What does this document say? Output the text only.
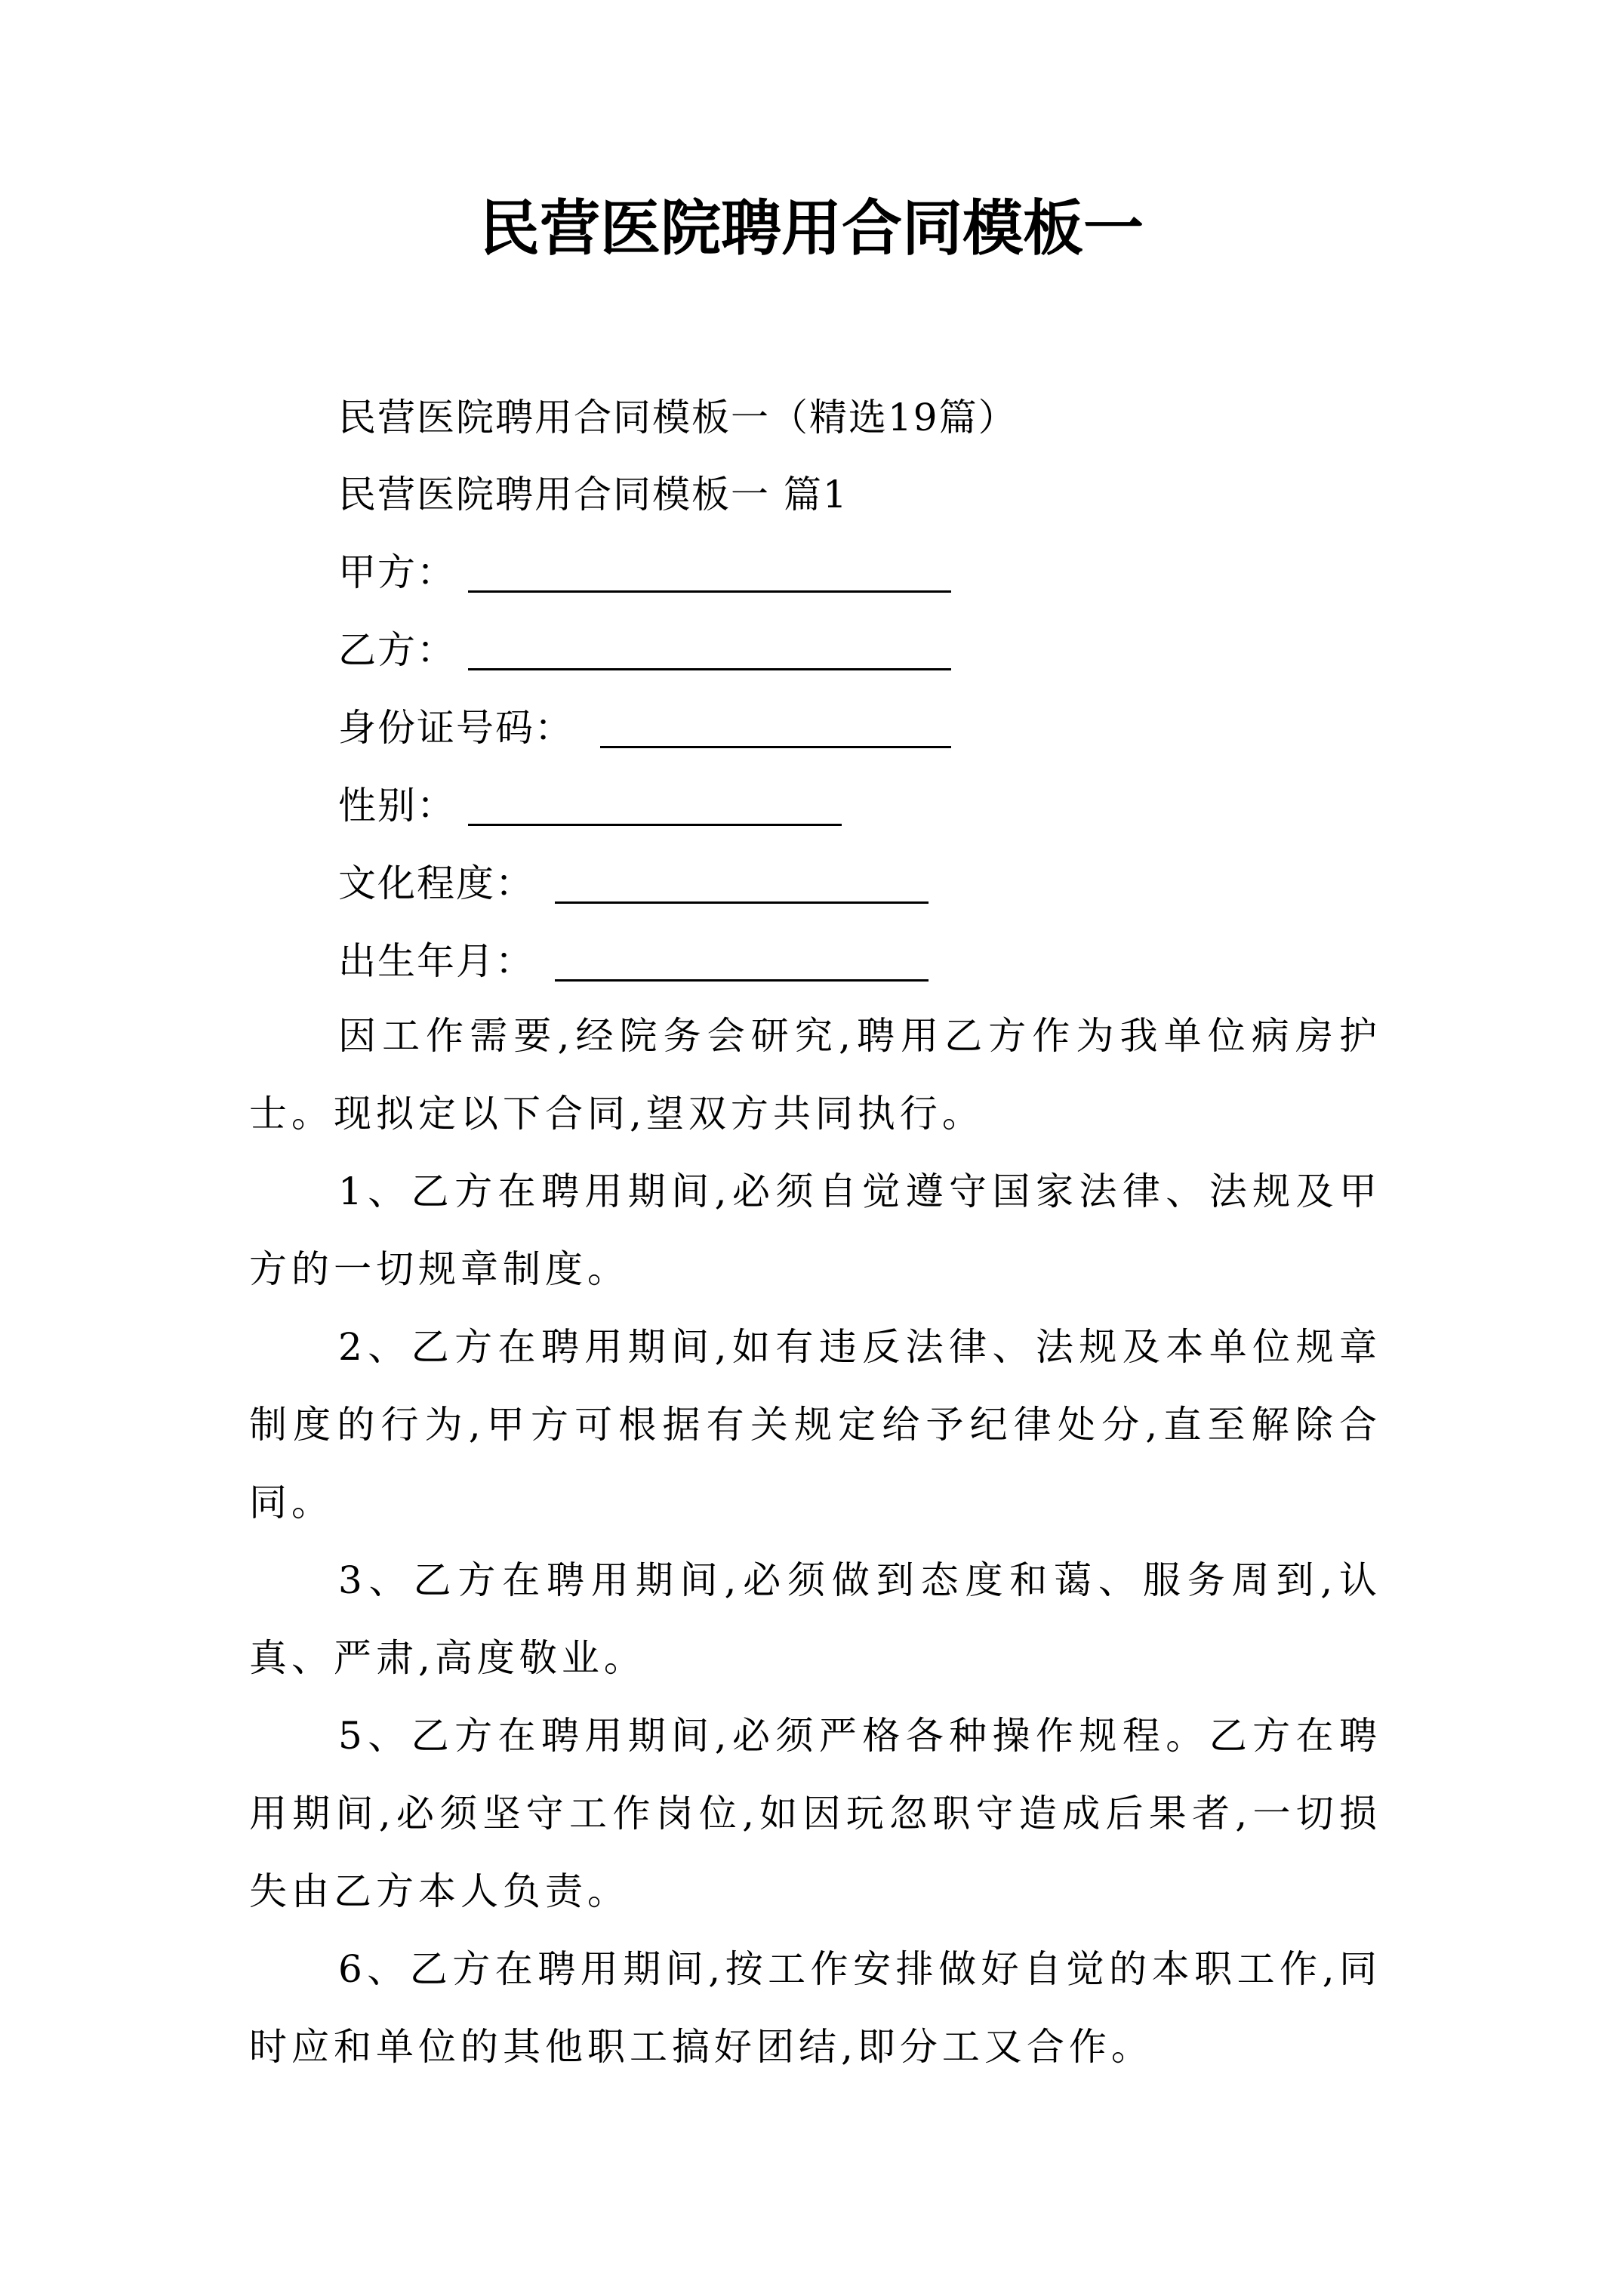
民营医院聘用合同模板一
民营医院聘用合同模板一（精选19篇）
民营医院聘用合同模板一 篇1
甲方：
乙方：
身份证号码：
性别：
文化程度：
出生年月：
因工作需要,经院务会研究,聘用乙方作为我单位病房护士。现拟定以下合同,望双方共同执行。
1、乙方在聘用期间,必须自觉遵守国家法律、法规及甲方的一切规章制度。
2、乙方在聘用期间,如有违反法律、法规及本单位规章制度的行为,甲方可根据有关规定给予纪律处分,直至解除合同。
3、乙方在聘用期间,必须做到态度和蔼、服务周到,认真、严肃,高度敬业。
5、乙方在聘用期间,必须严格各种操作规程。乙方在聘用期间,必须坚守工作岗位,如因玩忽职守造成后果者,一切损失由乙方本人负责。
6、乙方在聘用期间,按工作安排做好自觉的本职工作,同时应和单位的其他职工搞好团结,即分工又合作。
